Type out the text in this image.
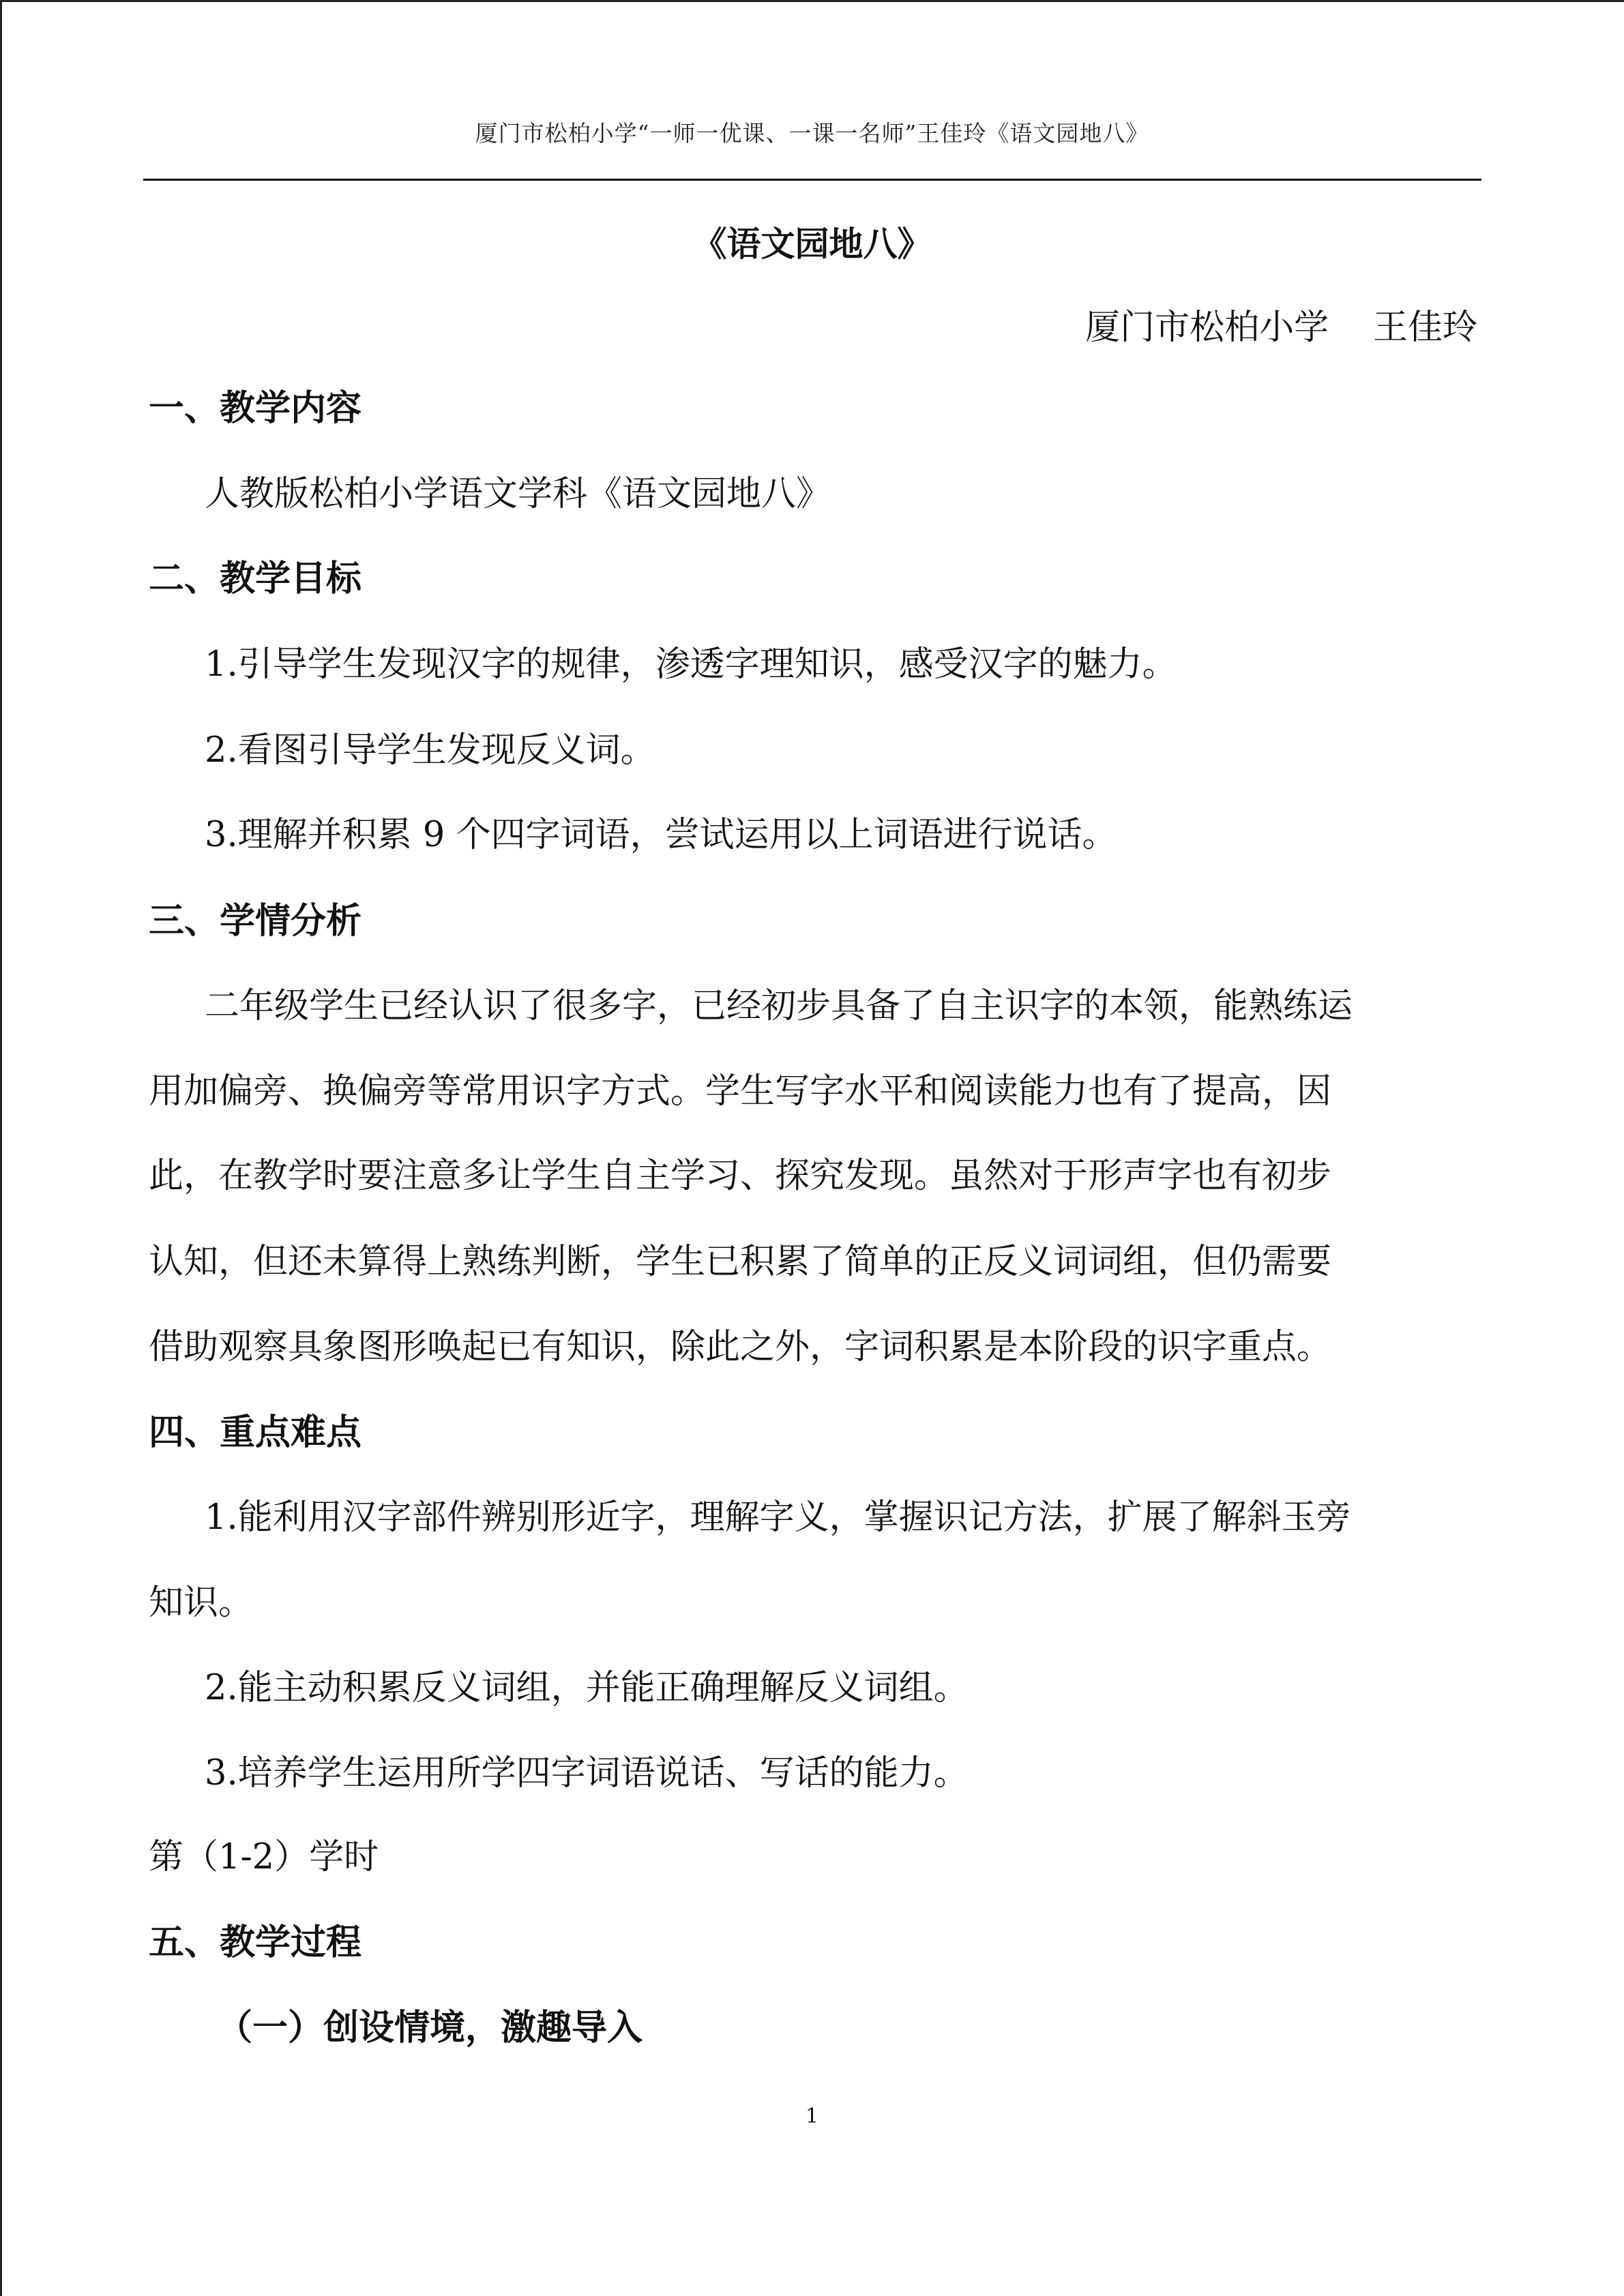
厦门市松柏小学“一师一优课、一课一名师”王佳玲《语文园地八》
《语文园地八》
厦门市松柏小学    王佳玲
一、教学内容
人教版松柏小学语文学科《语文园地八》
二、教学目标
1.引导学生发现汉字的规律，渗透字理知识，感受汉字的魅力。
2.看图引导学生发现反义词。
3.理解并积累 9 个四字词语，尝试运用以上词语进行说话。
三、学情分析
二年级学生已经认识了很多字，已经初步具备了自主识字的本领，能熟练运
用加偏旁、换偏旁等常用识字方式。学生写字水平和阅读能力也有了提高，因
此，在教学时要注意多让学生自主学习、探究发现。虽然对于形声字也有初步
认知，但还未算得上熟练判断，学生已积累了简单的正反义词词组，但仍需要
借助观察具象图形唤起已有知识，除此之外，字词积累是本阶段的识字重点。
四、重点难点
1.能利用汉字部件辨别形近字，理解字义，掌握识记方法，扩展了解斜玉旁
知识。
2.能主动积累反义词组，并能正确理解反义词组。
3.培养学生运用所学四字词语说话、写话的能力。
第（1-2）学时
五、教学过程
（一）创设情境，激趣导入
1
